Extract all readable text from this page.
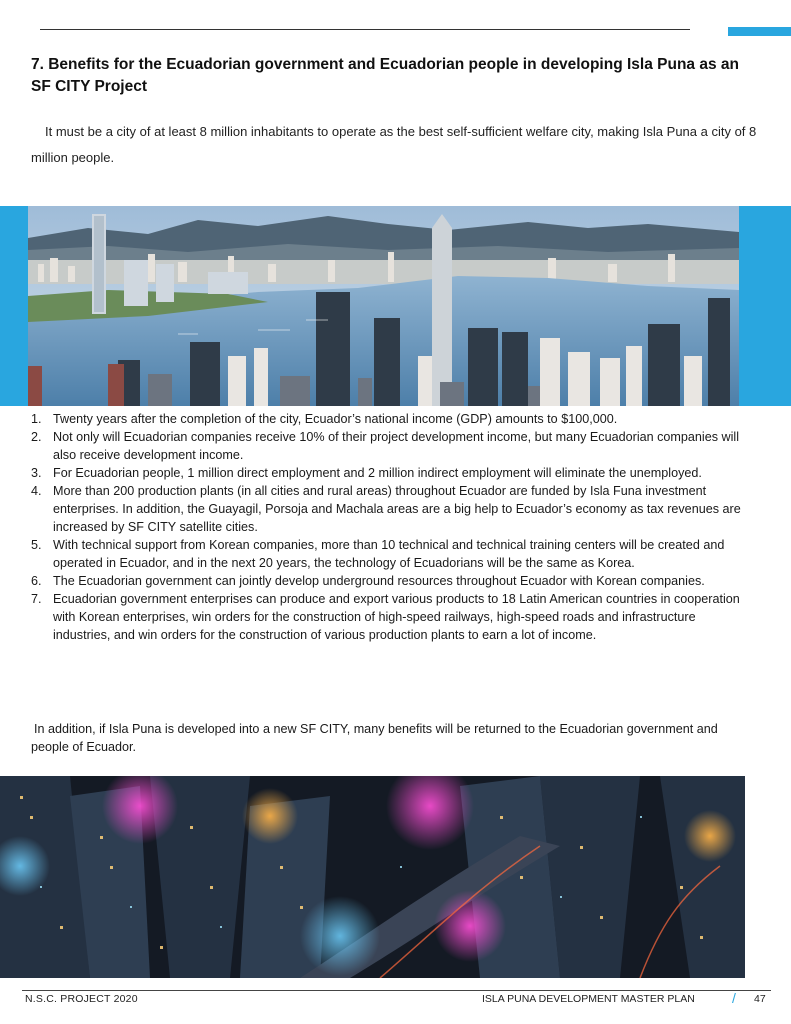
7. Benefits for the Ecuadorian government and Ecuadorian people in developing Isla Puna as an SF CITY Project

It must be a city of at least 8 million inhabitants to operate as the best self-sufficient welfare city, making Isla Puna a city of 8 million people.

1. Twenty years after the completion of the city, Ecuador’s national income (GDP) amounts to $100,000.
2. Not only will Ecuadorian companies receive 10% of their project development income, but many Ecuadorian companies will also receive development income.
3. For Ecuadorian people, 1 million direct employment and 2 million indirect employment will eliminate the unemployed.
4. More than 200 production plants (in all cities and rural areas) throughout Ecuador are funded by Isla Funa investment enterprises. In addition, the Guayagil, Porsoja and Machala areas are a big help to Ecuador’s economy as tax revenues are increased by SF CITY satellite cities.
5. With technical support from Korean companies, more than 10 technical and technical training centers will be created and operated in Ecuador, and in the next 20 years, the technology of Ecuadorians will be the same as Korea.
6. The Ecuadorian government can jointly develop underground resources throughout Ecuador with Korean companies.
7. Ecuadorian government enterprises can produce and export various products to 18 Latin American countries in cooperation with Korean enterprises, win orders for the construction of high-speed railways, high-speed roads and infrastructure industries, and win orders for the construction of various production plants to earn a lot of income.

In addition, if Isla Puna is developed into a new SF CITY, many benefits will be returned to the Ecuadorian government and people of Ecuador.

N.S.C. PROJECT 2020	ISLA PUNA DEVELOPMENT MASTER PLAN	/ 47
